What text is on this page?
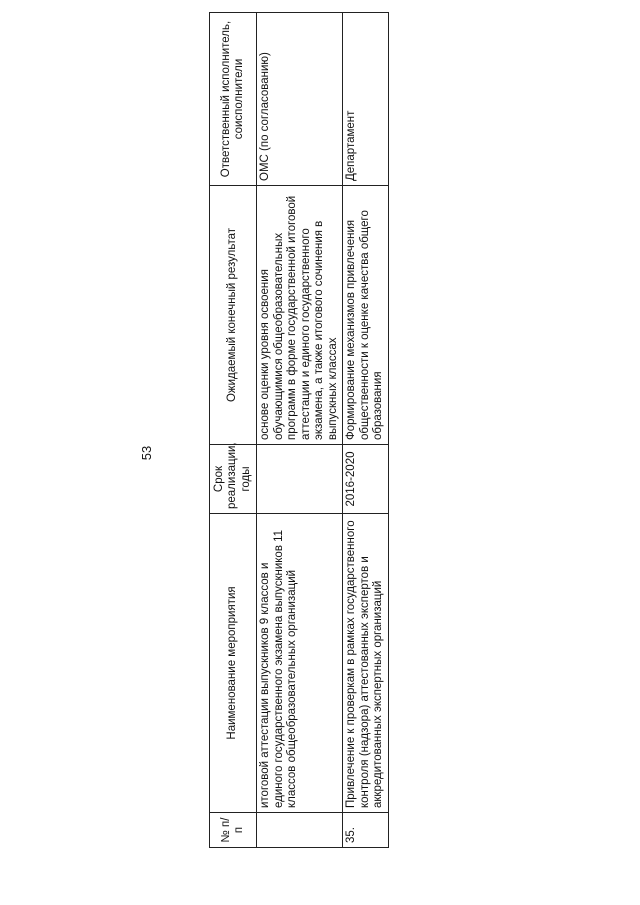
53
№ п/п	Наименование мероприятия	Срок реализации, годы	Ожидаемый конечный результат	Ответственный исполнитель, соисполнители
	итоговой аттестации выпускников 9 классов и единого государственного экзамена выпускников 11 классов общеобразовательных организаций		основе оценки уровня освоения обучающимися общеобразовательных программ в форме государственной итоговой аттестации и единого государственного экзамена, а также итогового сочинения в выпускных классах	ОМС (по согласованию)
35.	Привлечение к проверкам в рамках государственного контроля (надзора) аттестованных экспертов и аккредитованных экспертных организаций	2016-2020	Формирование механизмов привлечения общественности к оценке качества общего образования	Департамент
